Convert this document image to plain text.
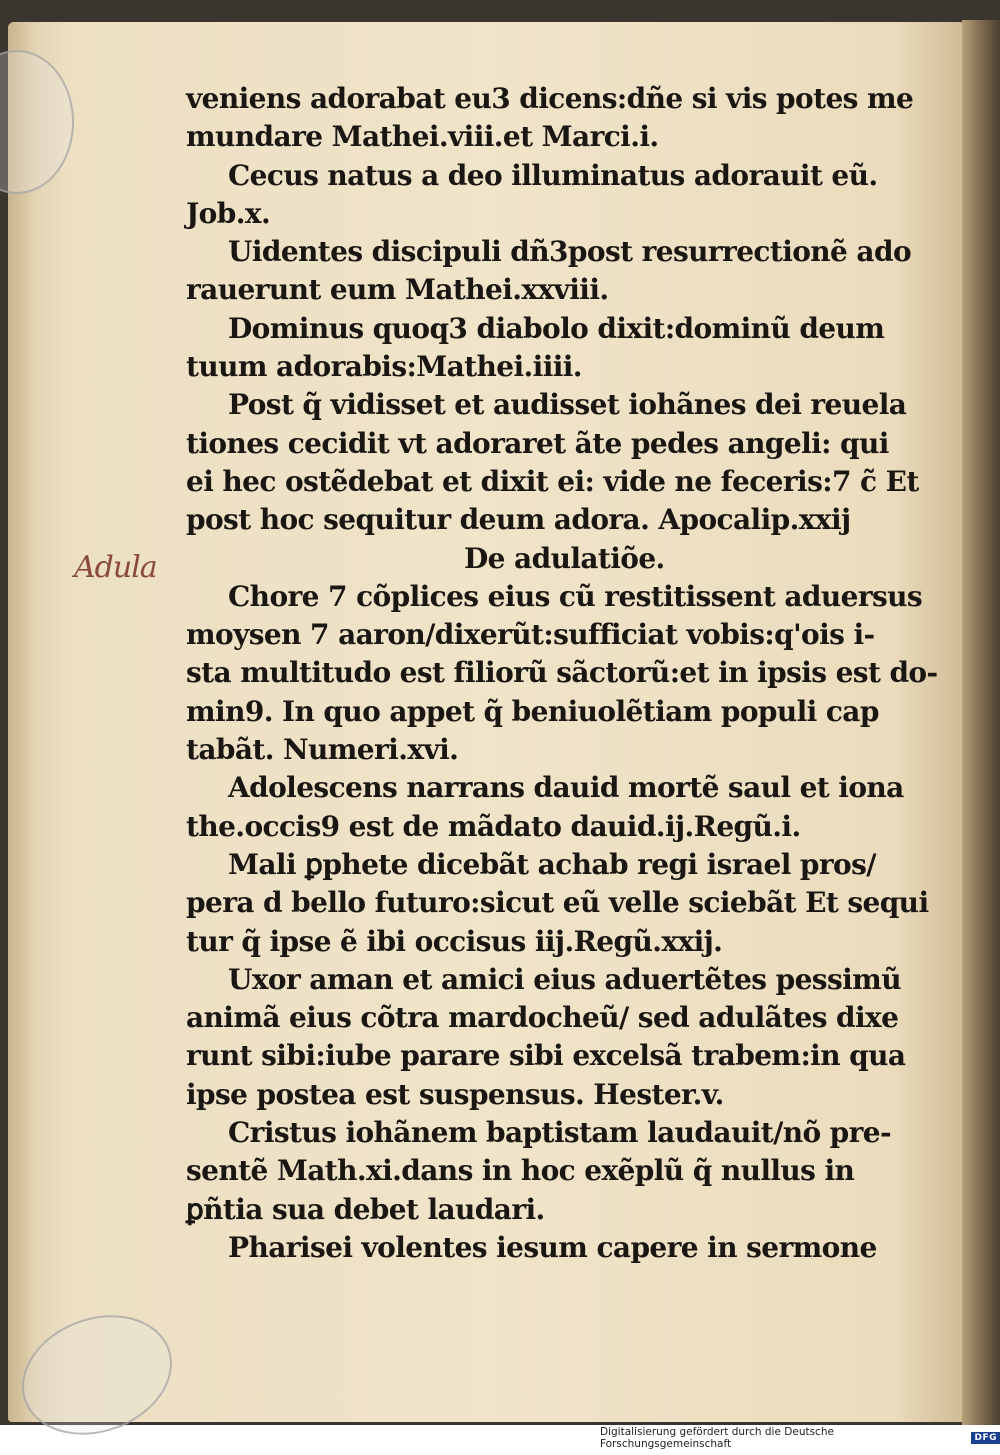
Adula
veniens adorabat eu3 dicens:dñe si vis potes me
mundare Mathei.viii.et Marci.i.
Cecus natus a deo illuminatus adorauit eũ.
Job.x.
Uidentes discipuli dñ3post resurrectionẽ ado
rauerunt eum Mathei.xxviii.
Dominus quoq3 diabolo dixit:dominũ deum
tuum adorabis:Mathei.iiii.
Post q̃ vidisset et audisset iohãnes dei reuela
tiones cecidit vt adoraret ãte pedes angeli: qui
ei hec ostẽdebat et dixit ei: vide ne feceris:7 c̃ Et
post hoc sequitur deum adora. Apocalip.xxij
De adulatiõe.
Chore 7 cõplices eius cũ restitissent aduersus
moysen 7 aaron/dixerũt:sufficiat vobis:q'ois i-
sta multitudo est filiorũ sãctorũ:et in ipsis est do-
min9. In quo appet q̃ beniuolẽtiam populi cap
tabãt. Numeri.xvi.
Adolescens narrans dauid mortẽ saul et iona
the.occis9 est de mãdato dauid.ij.Regũ.i.
Mali ꝑphete dicebãt achab regi israel pros/
pera d bello futuro:sicut eũ velle sciebãt Et sequi
tur q̃ ipse ẽ ibi occisus iij.Regũ.xxij.
Uxor aman et amici eius aduertẽtes pessimũ
animã eius cõtra mardocheũ/ sed adulãtes dixe
runt sibi:iube parare sibi excelsã trabem:in qua
ipse postea est suspensus. Hester.v.
Cristus iohãnem baptistam laudauit/nõ pre-
sentẽ Math.xi.dans in hoc exẽplũ q̃ nullus in
ꝑñtia sua debet laudari.
Pharisei volentes iesum capere in sermone
Digitalisierung gefördert durch die Deutsche Forschungsgemeinschaft	DFG
